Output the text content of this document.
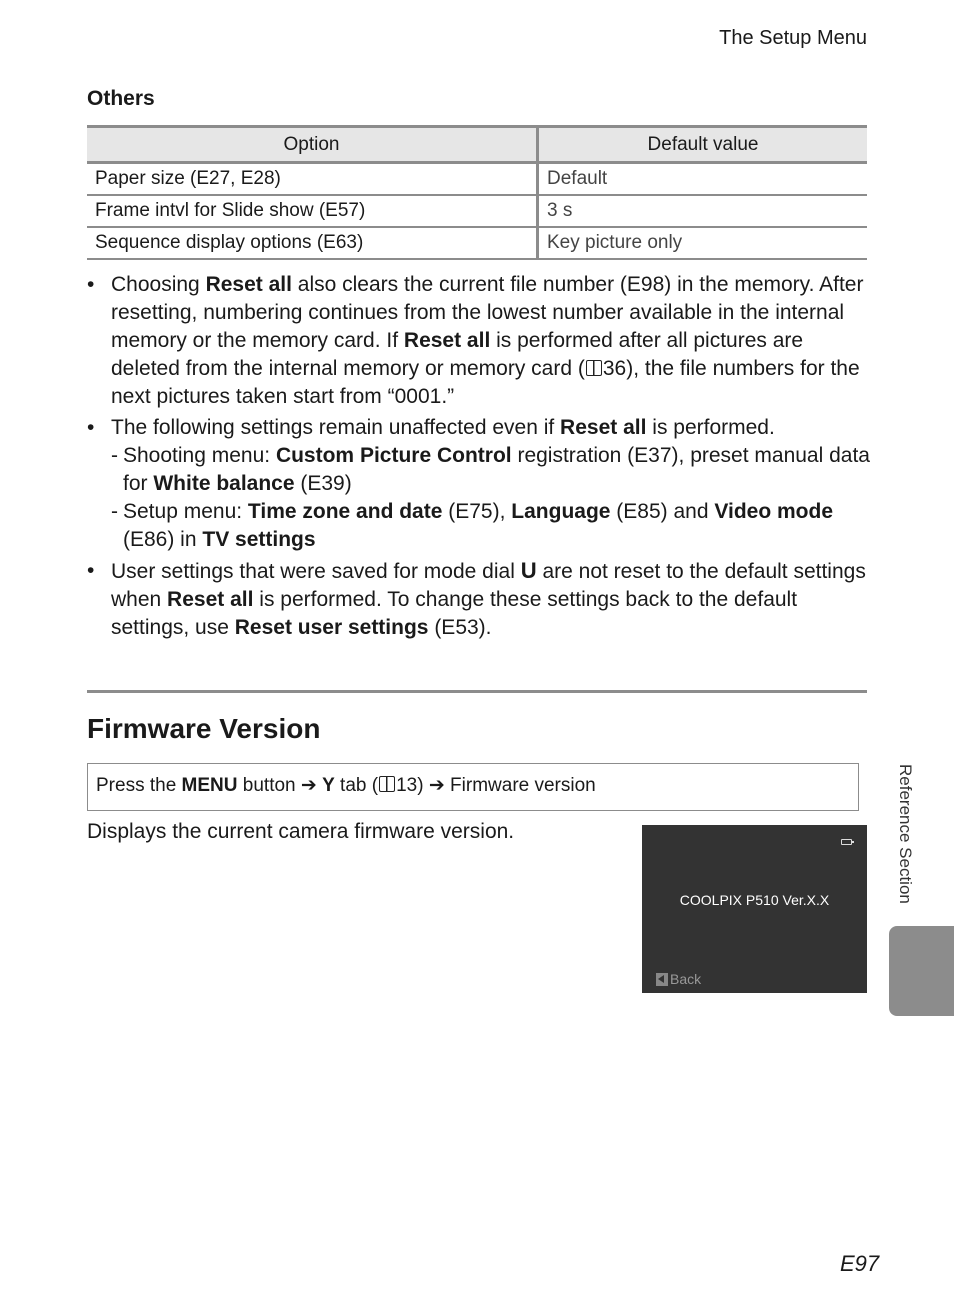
The Setup Menu
Others
Option	Default value
Paper size (E27, E28)	Default
Frame intvl for Slide show (E57)	3 s
Sequence display options (E63)	Key picture only
• Choosing Reset all also clears the current file number (E98) in the memory. After resetting, numbering continues from the lowest number available in the internal memory or the memory card. If Reset all is performed after all pictures are deleted from the internal memory or memory card ( 36), the file numbers for the next pictures taken start from “0001.”
• The following settings remain unaffected even if Reset all is performed.
- Shooting menu: Custom Picture Control registration (E37), preset manual data for White balance (E39)
- Setup menu: Time zone and date (E75), Language (E85) and Video mode (E86) in TV settings
• User settings that were saved for mode dial U are not reset to the default settings when Reset all is performed. To change these settings back to the default settings, use Reset user settings (E53).
Firmware Version
Press the MENU button ➔ Y tab ( 13) ➔ Firmware version
Displays the current camera firmware version.
COOLPIX P510 Ver.X.X
Back
Reference Section
E97
